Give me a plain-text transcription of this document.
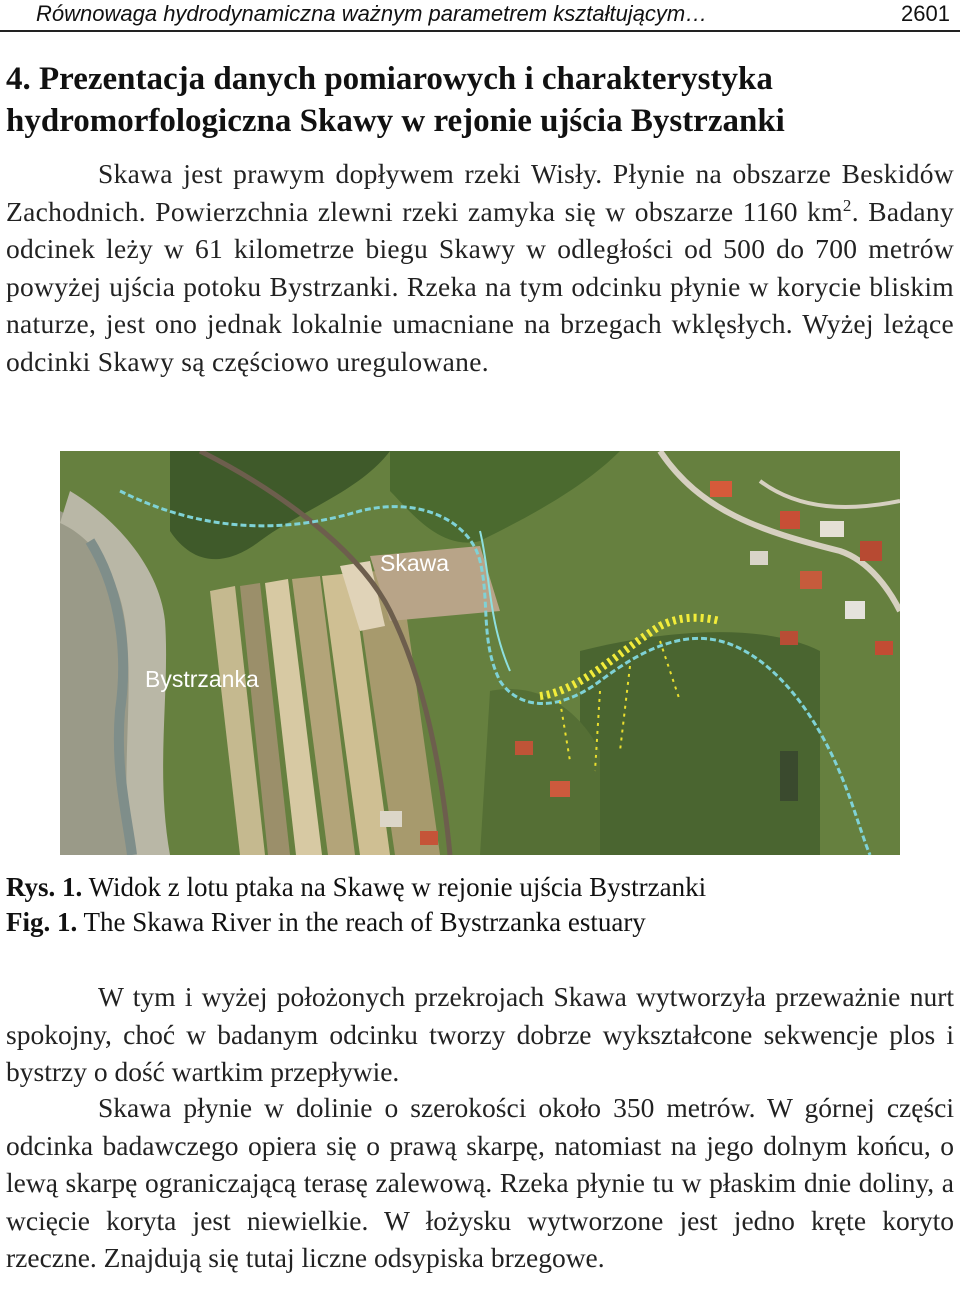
Równowaga hydrodynamiczna ważnym parametrem kształtującym…	2601
4. Prezentacja danych pomiarowych i charakterystyka hydromorfologiczna Skawy w rejonie ujścia Bystrzanki
Skawa jest prawym dopływem rzeki Wisły. Płynie na obszarze Beskidów Zachodnich. Powierzchnia zlewni rzeki zamyka się w obszarze 1160 $km^2$. Badany odcinek leży w 61 kilometrze biegu Skawy w odległości od 500 do 700 metrów powyżej ujścia potoku Bystrzanki. Rzeka na tym odcinku płynie w korycie bliskim naturze, jest ono jednak lokalnie umacniane na brzegach wklęsłych. Wyżej leżące odcinki Skawy są częściowo uregulowane.
Skawa
Bystrzanka
Rys. 1. Widok z lotu ptaka na Skawę w rejonie ujścia Bystrzanki
Fig. 1. The Skawa River in the reach of Bystrzanka estuary
W tym i wyżej położonych przekrojach Skawa wytworzyła przeważnie nurt spokojny, choć w badanym odcinku tworzy dobrze wykształcone sekwencje plos i bystrzy o dość wartkim przepływie.
Skawa płynie w dolinie o szerokości około 350 metrów. W górnej części odcinka badawczego opiera się o prawą skarpę, natomiast na jego dolnym końcu, o lewą skarpę ograniczającą terasę zalewową. Rzeka płynie tu w płaskim dnie doliny, a wcięcie koryta jest niewielkie. W łożysku wytworzone jest jedno kręte koryto rzeczne. Znajdują się tutaj liczne odsypiska brzegowe.
